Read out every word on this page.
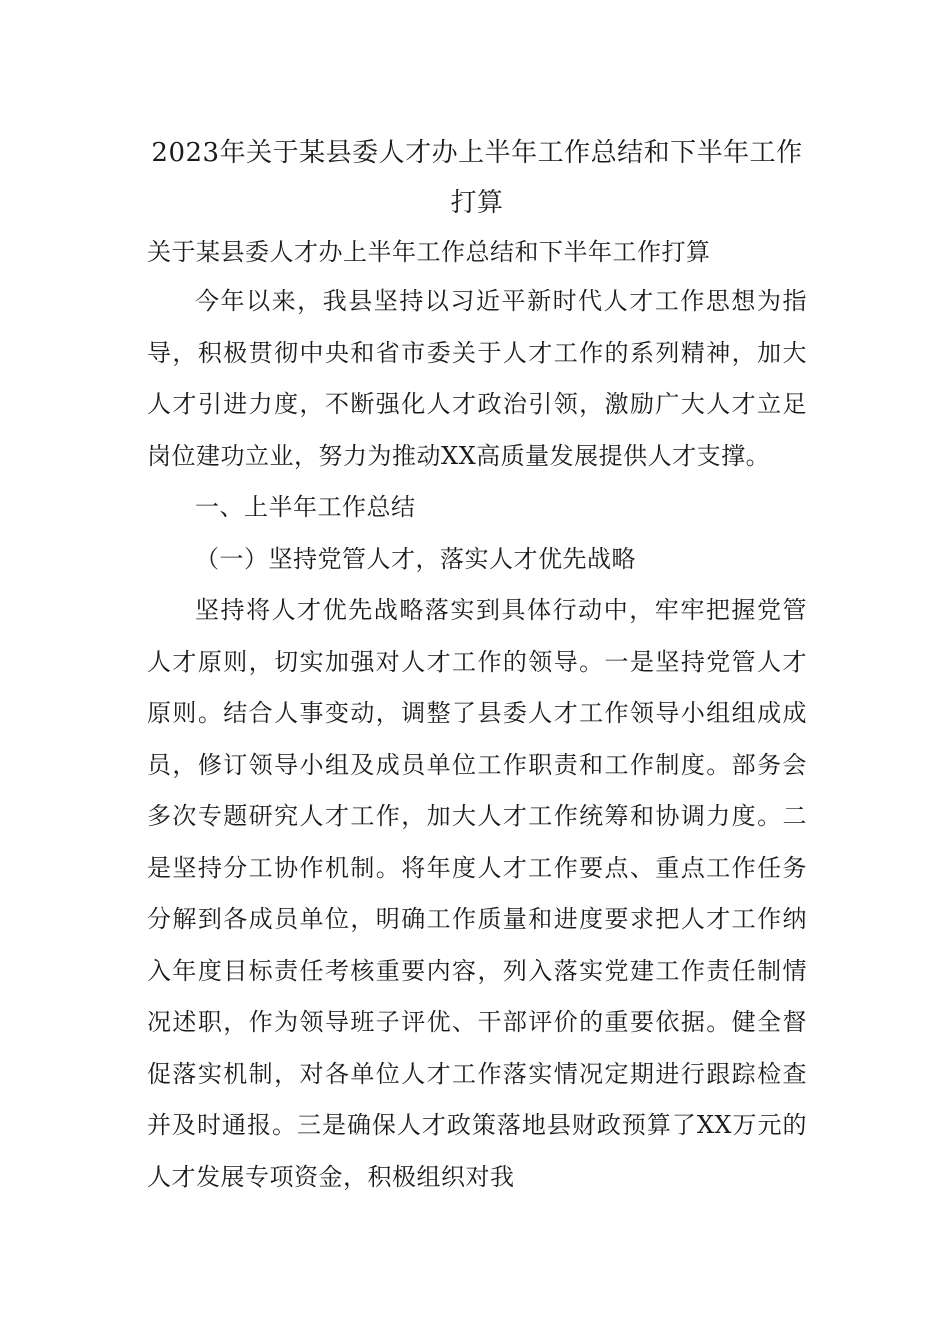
2023年关于某县委人才办上半年工作总结和下半年工作打算

关于某县委人才办上半年工作总结和下半年工作打算

今年以来，我县坚持以习近平新时代人才工作思想为指导，积极贯彻中央和省市委关于人才工作的系列精神，加大人才引进力度，不断强化人才政治引领，激励广大人才立足岗位建功立业，努力为推动XX高质量发展提供人才支撑。

一、上半年工作总结

（一）坚持党管人才，落实人才优先战略

坚持将人才优先战略落实到具体行动中，牢牢把握党管人才原则，切实加强对人才工作的领导。一是坚持党管人才原则。结合人事变动，调整了县委人才工作领导小组组成成员，修订领导小组及成员单位工作职责和工作制度。部务会多次专题研究人才工作，加大人才工作统筹和协调力度。二是坚持分工协作机制。将年度人才工作要点、重点工作任务分解到各成员单位，明确工作质量和进度要求把人才工作纳入年度目标责任考核重要内容，列入落实党建工作责任制情况述职，作为领导班子评优、干部评价的重要依据。健全督促落实机制，对各单位人才工作落实情况定期进行跟踪检查并及时通报。三是确保人才政策落地县财政预算了XX万元的人才发展专项资金，积极组织对我
